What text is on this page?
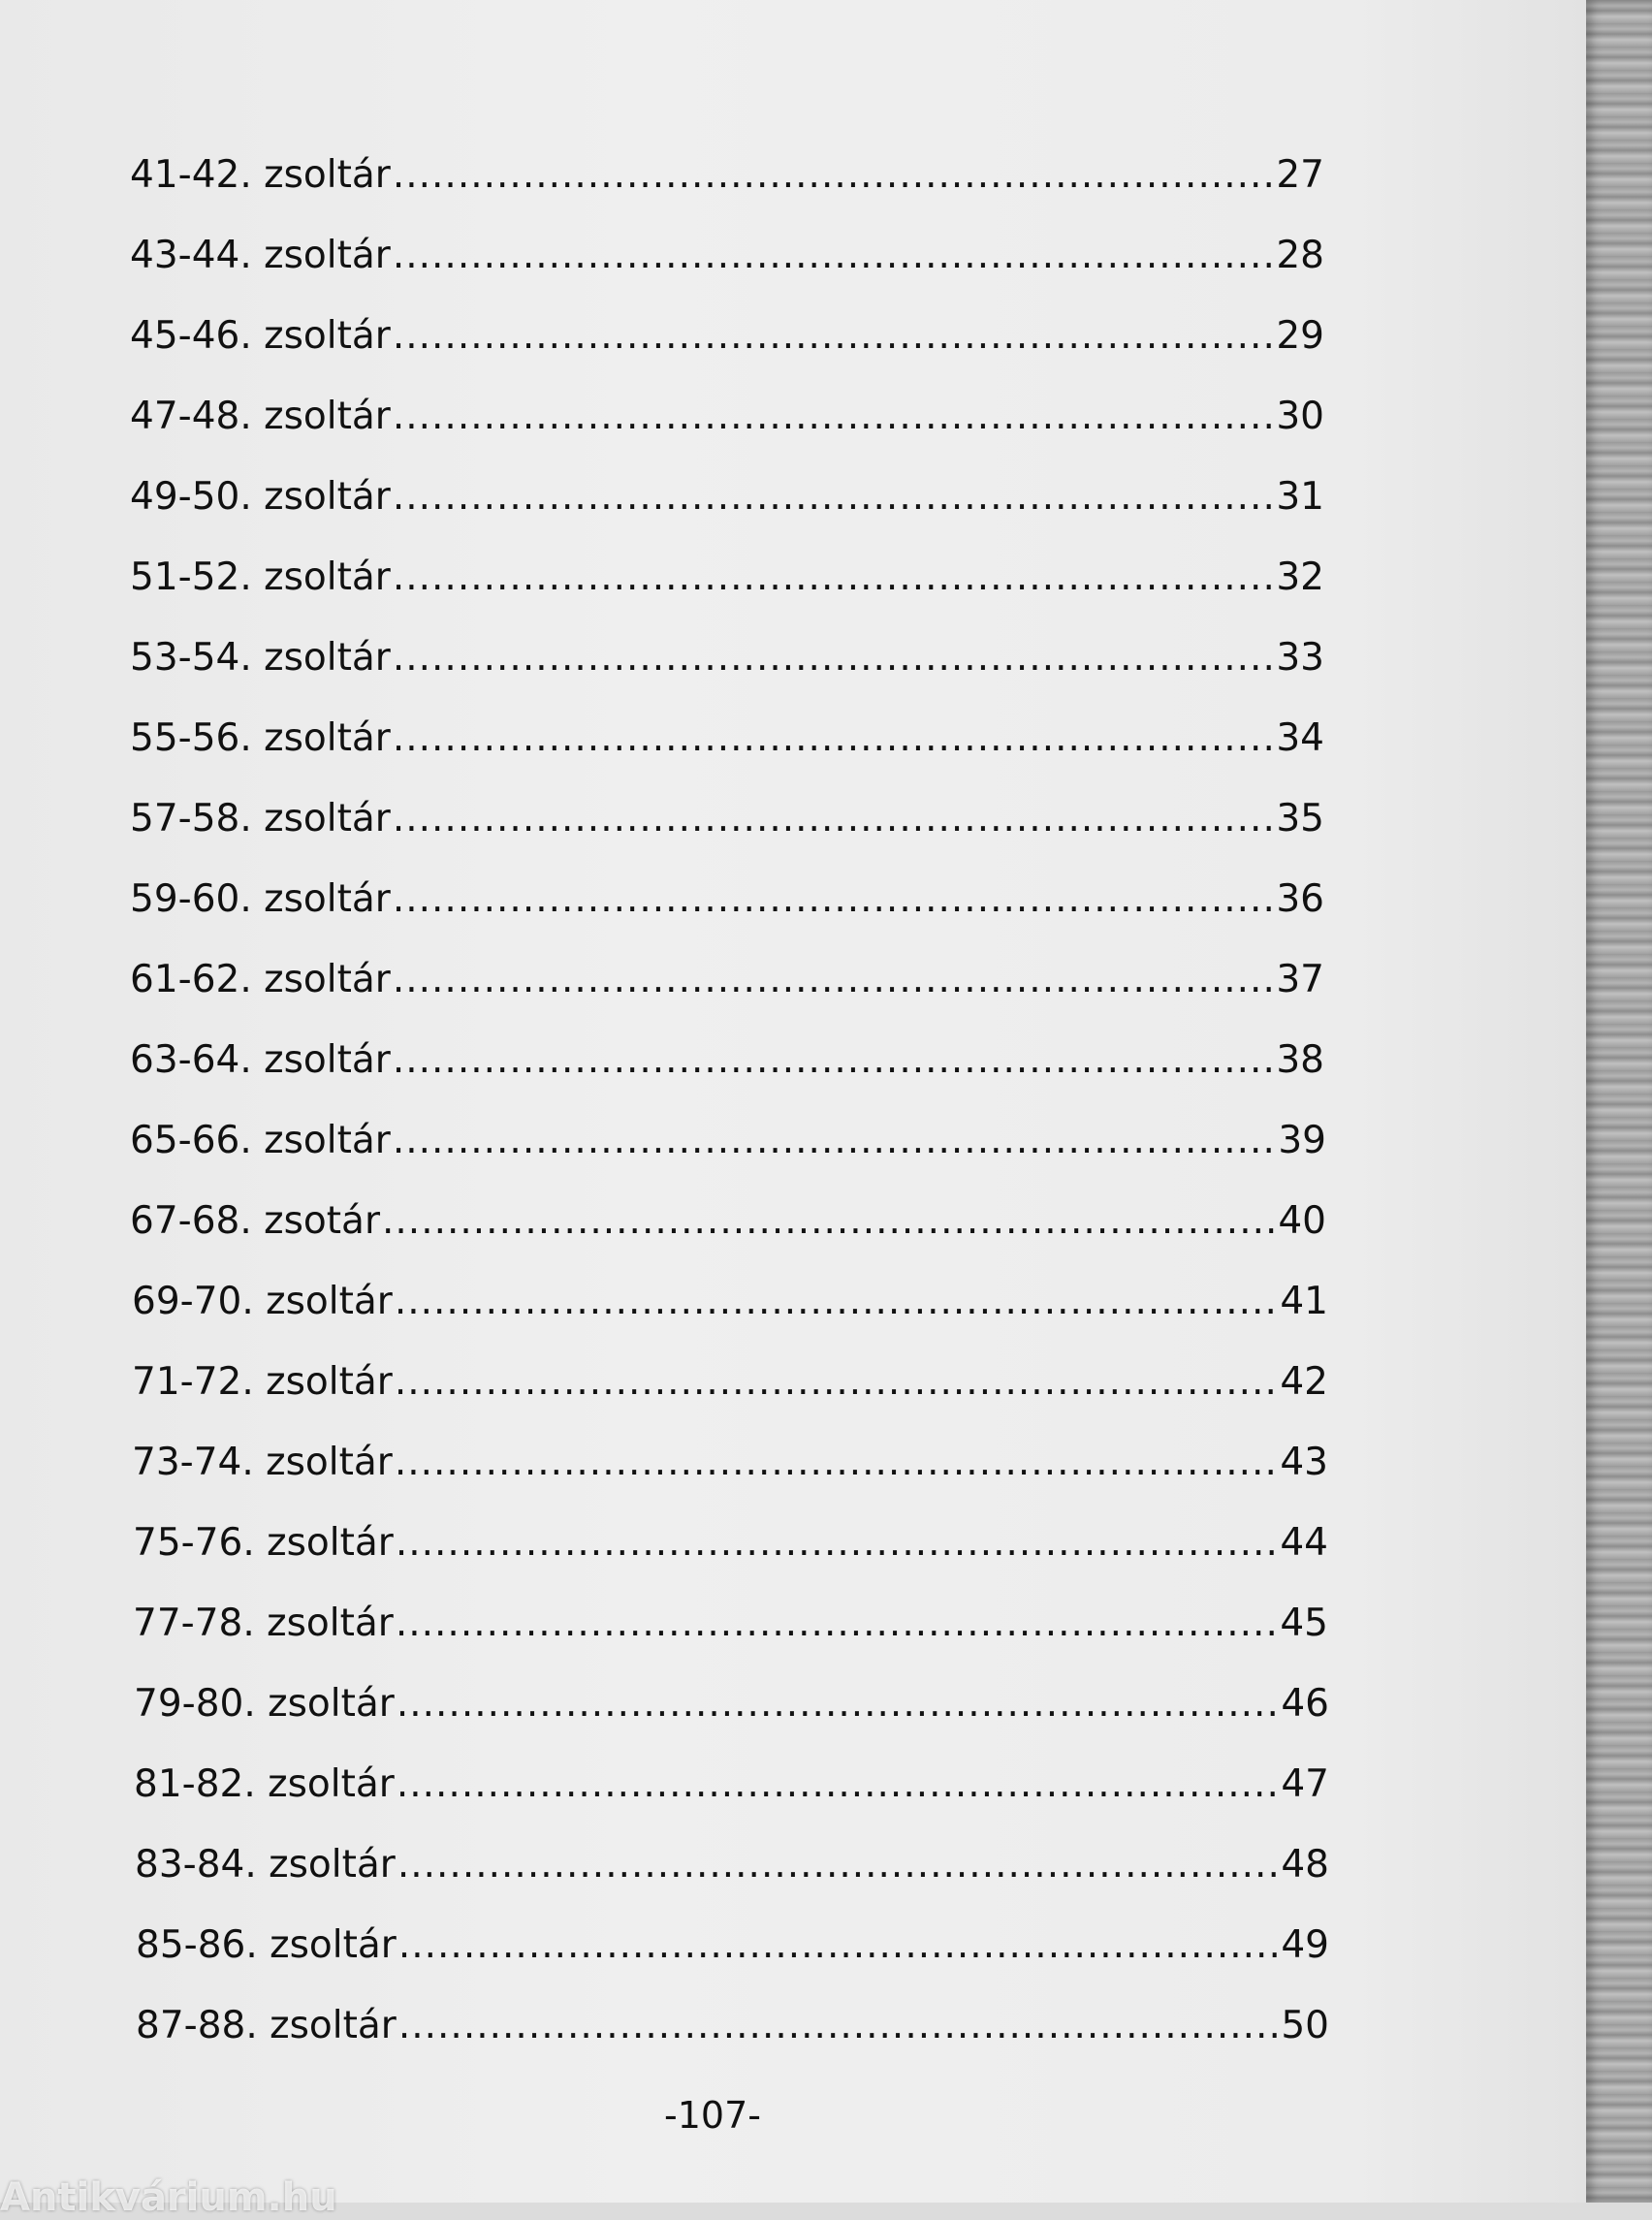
41-42. zsoltár .....	27
43-44. zsoltár .....	28
45-46. zsoltár .....	29
47-48. zsoltár .....	30
49-50. zsoltár .....	31
51-52. zsoltár .....	32
53-54. zsoltár .....	33
55-56. zsoltár .....	34
57-58. zsoltár .....	35
59-60. zsoltár .....	36
61-62. zsoltár .....	37
63-64. zsoltár .....	38
65-66. zsoltár .....	39
67-68. zsotár .....	40
69-70. zsoltár .....	41
71-72. zsoltár .....	42
73-74. zsoltár .....	43
75-76. zsoltár .....	44
77-78. zsoltár .....	45
79-80. zsoltár .....	46
81-82. zsoltár .....	47
83-84. zsoltár .....	48
85-86. zsoltár .....	49
87-88. zsoltár .....	50
-107-
Antikvárium.hu
